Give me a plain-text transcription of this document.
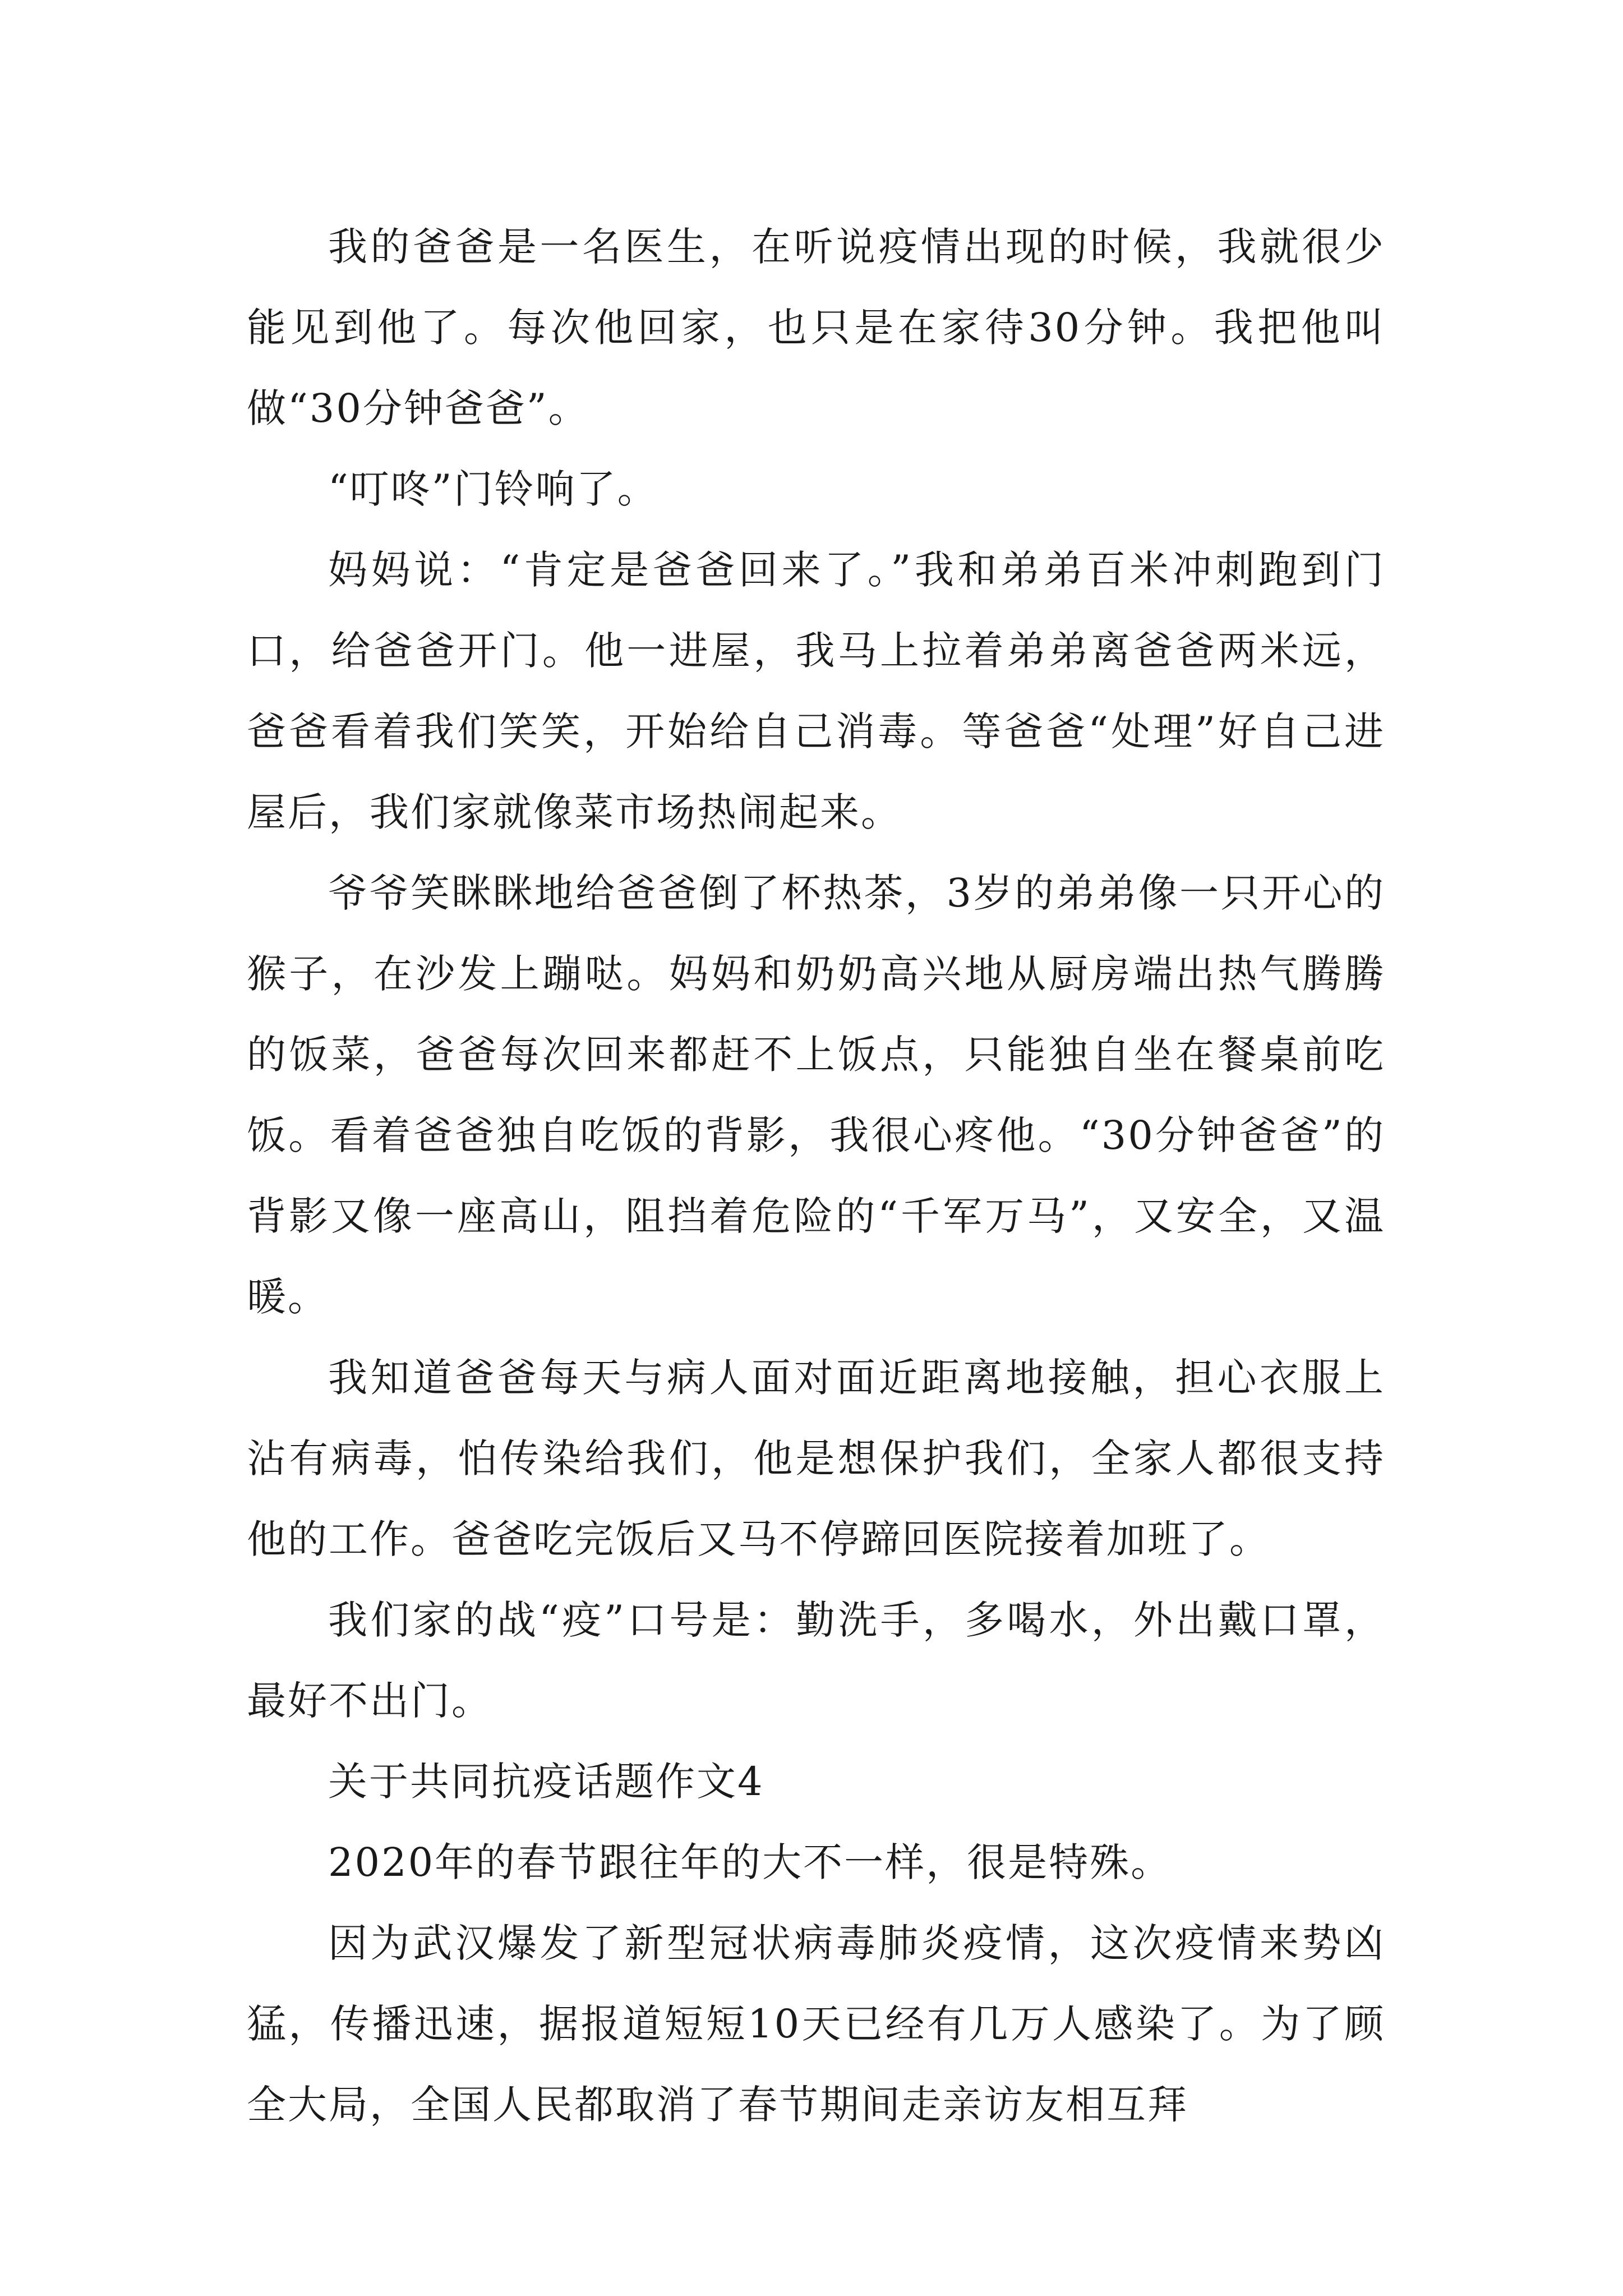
我的爸爸是一名医生，在听说疫情出现的时候，我就很少能见到他了。每次他回家，也只是在家待30分钟。我把他叫做“30分钟爸爸”。

“叮咚”门铃响了。

妈妈说：“肯定是爸爸回来了。”我和弟弟百米冲刺跑到门口，给爸爸开门。他一进屋，我马上拉着弟弟离爸爸两米远，爸爸看着我们笑笑，开始给自己消毒。等爸爸“处理”好自己进屋后，我们家就像菜市场热闹起来。

爷爷笑眯眯地给爸爸倒了杯热茶，3岁的弟弟像一只开心的猴子，在沙发上蹦哒。妈妈和奶奶高兴地从厨房端出热气腾腾的饭菜，爸爸每次回来都赶不上饭点，只能独自坐在餐桌前吃饭。看着爸爸独自吃饭的背影，我很心疼他。“30分钟爸爸”的背影又像一座高山，阻挡着危险的“千军万马”，又安全，又温暖。

我知道爸爸每天与病人面对面近距离地接触，担心衣服上沾有病毒，怕传染给我们，他是想保护我们，全家人都很支持他的工作。爸爸吃完饭后又马不停蹄回医院接着加班了。

我们家的战“疫”口号是：勤洗手，多喝水，外出戴口罩，最好不出门。

关于共同抗疫话题作文4

2020年的春节跟往年的大不一样，很是特殊。

因为武汉爆发了新型冠状病毒肺炎疫情，这次疫情来势凶猛，传播迅速，据报道短短10天已经有几万人感染了。为了顾全大局，全国人民都取消了春节期间走亲访友相互拜
